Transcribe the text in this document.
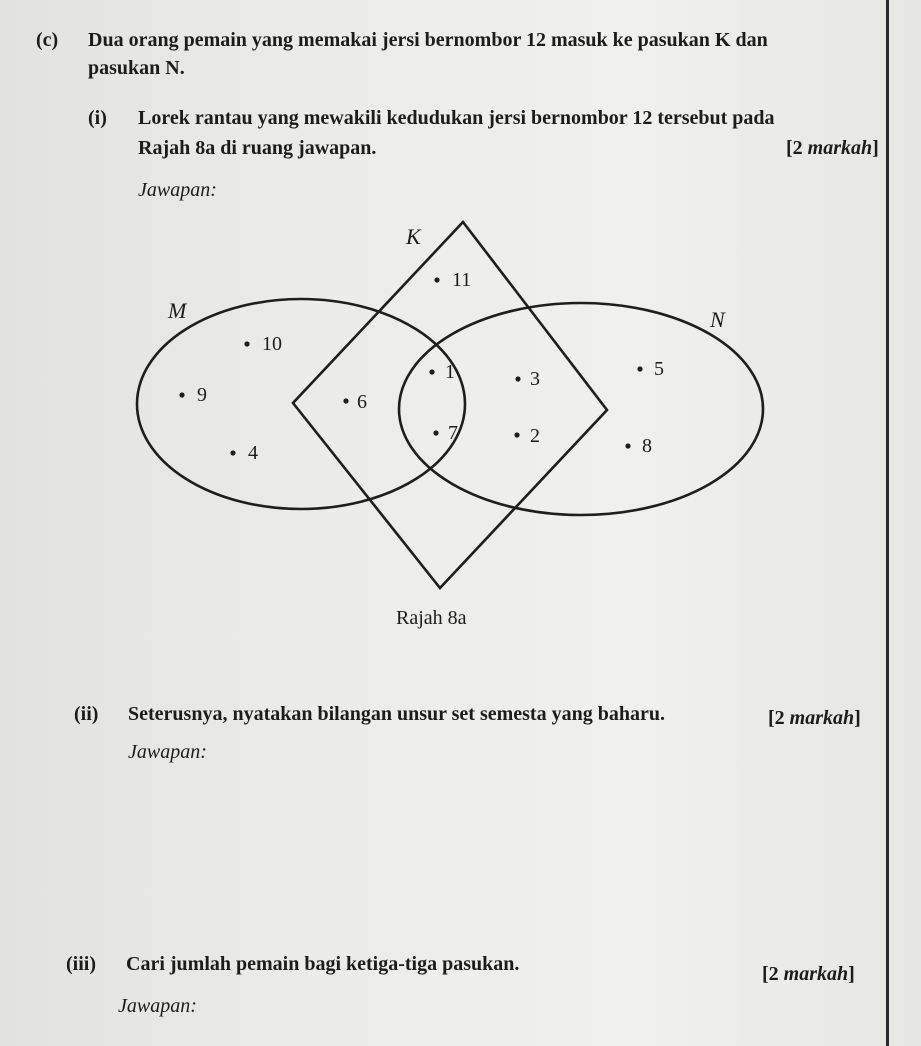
(c) Dua orang pemain yang memakai jersi bernombor 12 masuk ke pasukan K dan
pasukan N.
(i) Lorek rantau yang mewakili kedudukan jersi bernombor 12 tersebut pada
Rajah 8a di ruang jawapan.	[2 markah]
Jawapan:
K
M	N
11
10
9
4
6
1
7
3
2
5
8
Rajah 8a
(ii) Seterusnya, nyatakan bilangan unsur set semesta yang baharu.	[2 markah]
Jawapan:
(iii) Cari jumlah pemain bagi ketiga-tiga pasukan.	[2 markah]
Jawapan:
